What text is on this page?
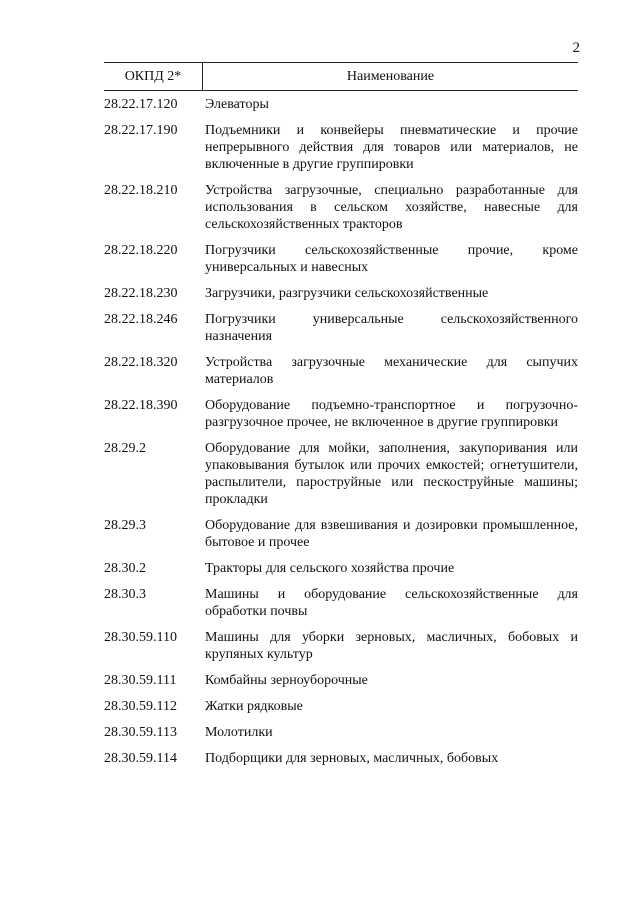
2
ОКПД 2*	Наименование
28.22.17.120	Элеваторы
28.22.17.190	Подъемники и конвейеры пневматические и прочие непрерывного действия для товаров или материалов, не включенные в другие группировки
28.22.18.210	Устройства загрузочные, специально разработанные для использования в сельском хозяйстве, навесные для сельскохозяйственных тракторов
28.22.18.220	Погрузчики сельскохозяйственные прочие, кроме универсальных и навесных
28.22.18.230	Загрузчики, разгрузчики сельскохозяйственные
28.22.18.246	Погрузчики универсальные сельскохозяйственного назначения
28.22.18.320	Устройства загрузочные механические для сыпучих материалов
28.22.18.390	Оборудование подъемно-транспортное и погрузочно-разгрузочное прочее, не включенное в другие группировки
28.29.2	Оборудование для мойки, заполнения, закупоривания или упаковывания бутылок или прочих емкостей; огнетушители, распылители, пароструйные или пескоструйные машины; прокладки
28.29.3	Оборудование для взвешивания и дозировки промышленное, бытовое и прочее
28.30.2	Тракторы для сельского хозяйства прочие
28.30.3	Машины и оборудование сельскохозяйственные для обработки почвы
28.30.59.110	Машины для уборки зерновых, масличных, бобовых и крупяных культур
28.30.59.111	Комбайны зерноуборочные
28.30.59.112	Жатки рядковые
28.30.59.113	Молотилки
28.30.59.114	Подборщики для зерновых, масличных, бобовых
